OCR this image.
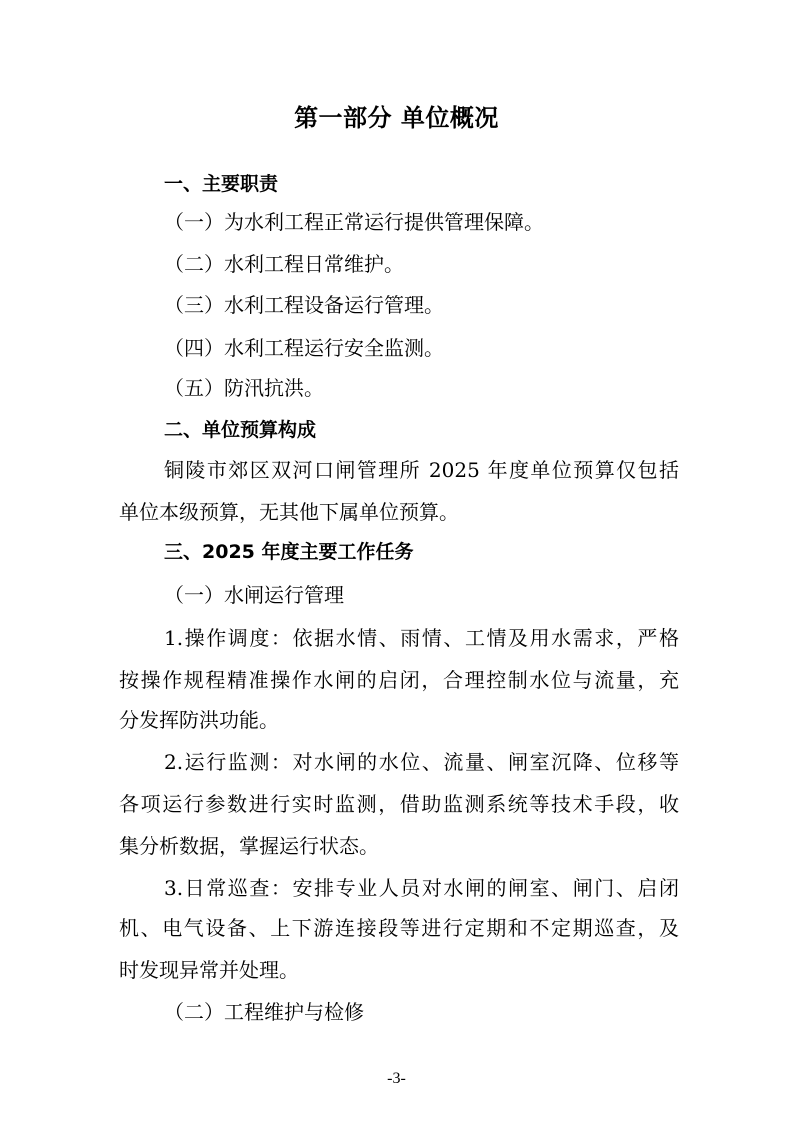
第一部分 单位概况
一、主要职责
（一）为水利工程正常运行提供管理保障。
（二）水利工程日常维护。
（三）水利工程设备运行管理。
（四）水利工程运行安全监测。
（五）防汛抗洪。
二、单位预算构成
铜陵市郊区双河口闸管理所 2025 年度单位预算仅包括
单位本级预算，无其他下属单位预算。
三、2025 年度主要工作任务
（一）水闸运行管理
1.操作调度：依据水情、雨情、工情及用水需求，严格
按操作规程精准操作水闸的启闭，合理控制水位与流量，充
分发挥防洪功能。
2.运行监测：对水闸的水位、流量、闸室沉降、位移等
各项运行参数进行实时监测，借助监测系统等技术手段，收
集分析数据，掌握运行状态。
3.日常巡查：安排专业人员对水闸的闸室、闸门、启闭
机、电气设备、上下游连接段等进行定期和不定期巡查，及
时发现异常并处理。
（二）工程维护与检修
-3-
